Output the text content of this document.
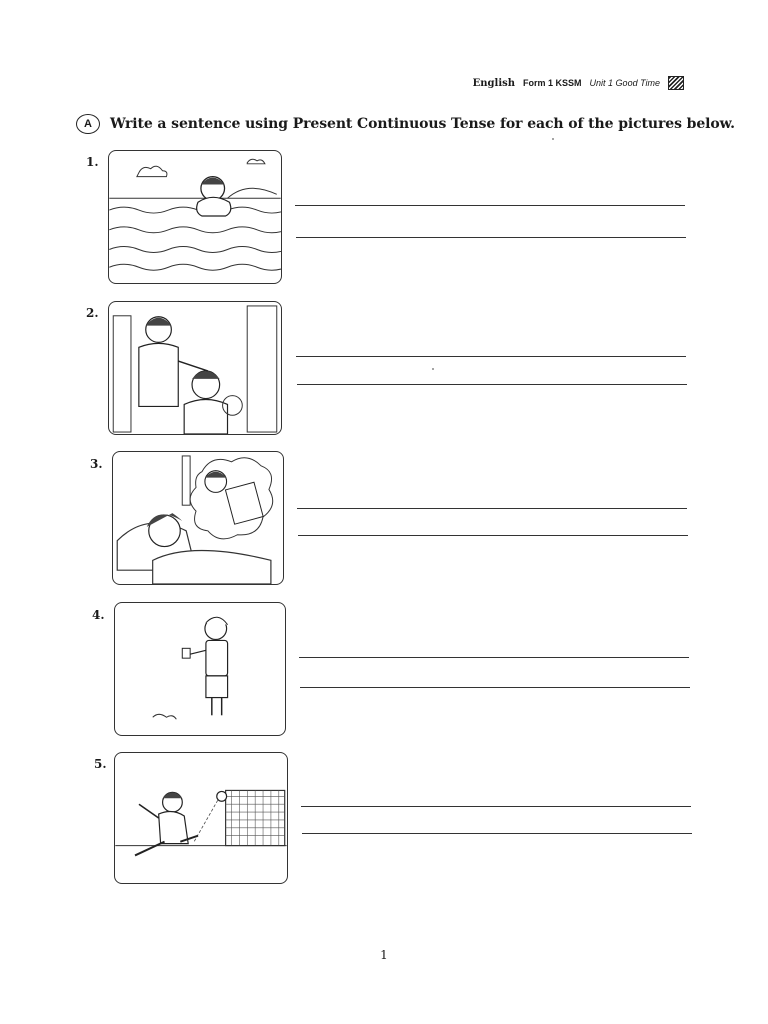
English Form 1 KSSM Unit 1 Good Time
A	Write a sentence using Present Continuous Tense for each of the pictures below.
1.
2.
3.
4.
5.
1
